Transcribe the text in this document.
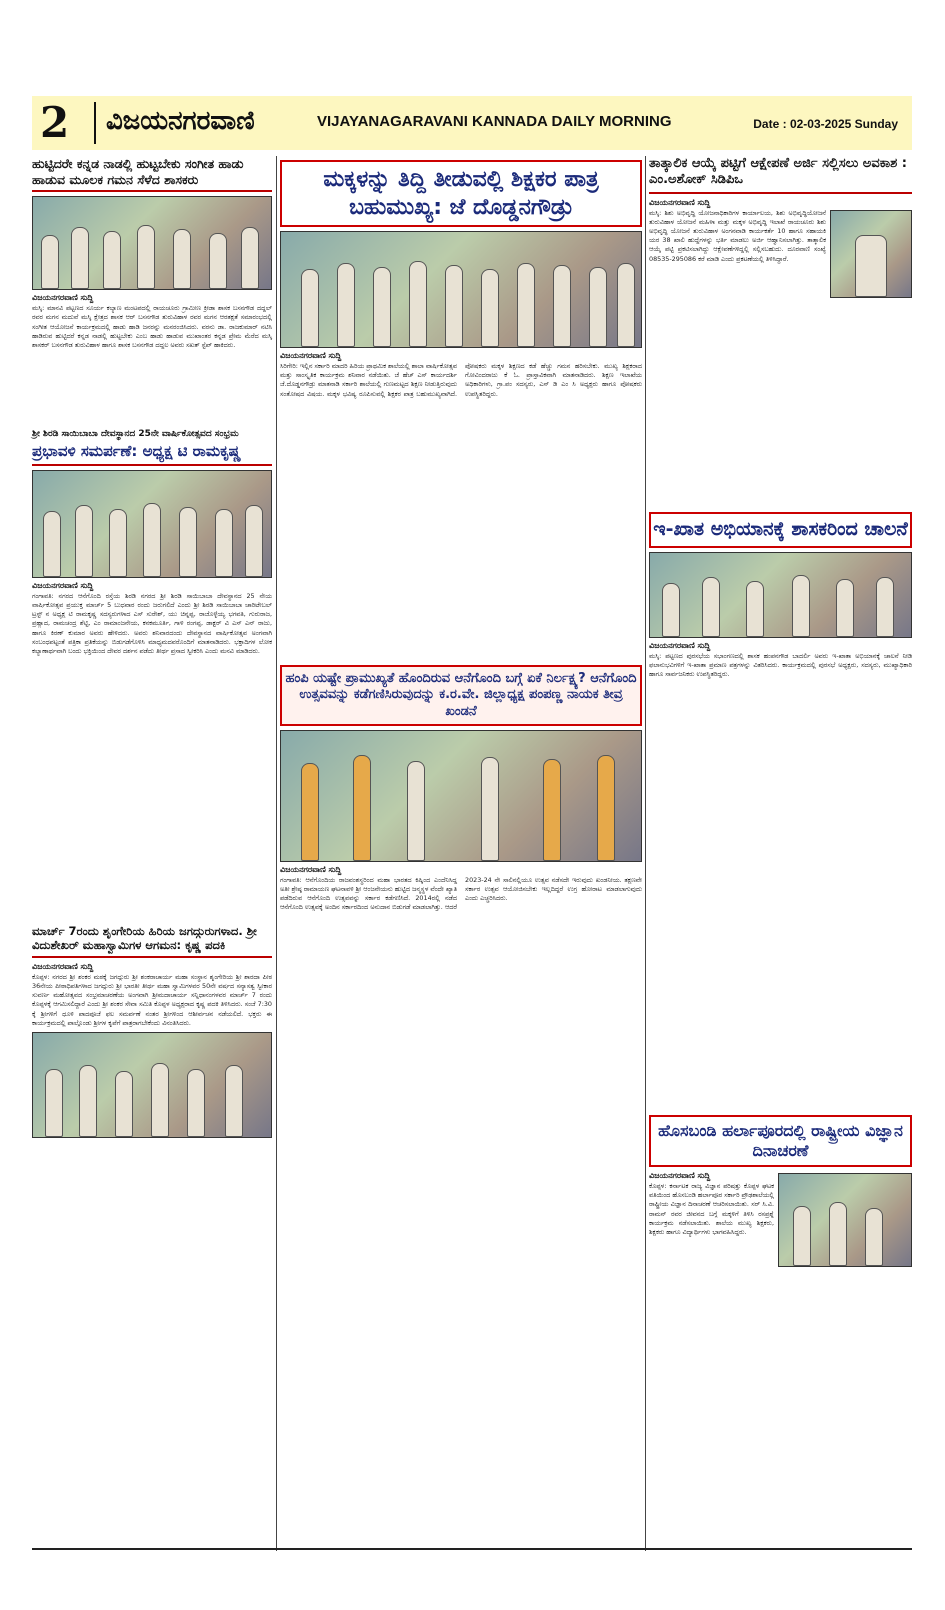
2 ವಿಜಯನಗರವಾಣಿ	VIJAYANAGARAVANI KANNADA DAILY MORNING	Date : 02-03-2025 Sunday
ಹುಟ್ಟಿದರೇ ಕನ್ನಡ ನಾಡಲ್ಲಿ ಹುಟ್ಟಬೇಕು ಸಂಗೀತ ಹಾಡು ಹಾಡುವ ಮೂಲಕ ಗಮನ ಸೆಳೆದ ಶಾಸಕರು
ವಿಜಯನಗರವಾಣಿ ಸುದ್ದಿ
ಮಸ್ಕಿ: ಮಾನವಿ ಪಟ್ಟಣದ ಸೂರ್ಯ ಕಲ್ಯಾಣ ಮಂಟಪದಲ್ಲಿ ರಾಯಚೂರು ಗ್ರಾಮೀಣ ಕ್ರೀಡಾ ಶಾಸಕ ಬಸನಗೌಡ ದದ್ದಲ್ ರವರ ಮಗನ ಮದುವೆ ಮಸ್ಕಿ ಕ್ಷೇತ್ರದ ಶಾಸಕ ಆರ್ ಬಸನಗೌಡ ತುರುವಿಹಾಳ ರವರ ಮಗನ ಆರತಕ್ಷತೆ ಸಮಾರಂಭದಲ್ಲಿ ಸಂಗೀತ ಆಯೋಜನೆ ಕಾರ್ಯಕ್ರಮದಲ್ಲಿ ಹಾಡು ಹಾಡಿ ಜನರನ್ನು ಮನರಂಜಿಸಿದರು. ವರನು ಡಾ. ರಾಜಕುಮಾರ್ ನಟಿಸಿ ಹಾಡಿರುವ ಹುಟ್ಟಿದರೆ ಕನ್ನಡ ನಾಡಲ್ಲಿ ಹುಟ್ಟಬೇಕು ಎಂಬ ಹಾಡು ಹಾಡುವ ಮುಖಾಂತರ ಕನ್ನಡ ಪ್ರೇಮ ಮೆರೆದ ಮಸ್ಕಿ ಶಾಸಕರ್ ಬಸನಗೌಡ ತುರುವಿಹಾಳ ಹಾಗೂ ಶಾಸಕ ಬಸನಗೌಡ ದದ್ದಲ ಅವರು ಸಖತ್ ಸ್ಟೆಪ್ ಹಾಕಿದರು.
ಶ್ರೀ ಶಿರಡಿ ಸಾಯಿಬಾಬಾ ದೇವಸ್ಥಾನದ 25ನೇ ವಾರ್ಷಿಕೋತ್ಸವದ ಸಂಭ್ರಮ
ಪ್ರಭಾವಳಿ ಸಮರ್ಪಣೆ: ಅಧ್ಯಕ್ಷ ಟಿ ರಾಮಕೃಷ್ಣ
ವಿಜಯನಗರವಾಣಿ ಸುದ್ದಿ
ಗಂಗಾವತಿ: ನಗರದ ಆನೆಗೊಂದಿ ರಸ್ತೆಯ ಶಿರಡಿ ನಗರದ ಶ್ರೀ ಶಿರಡಿ ಸಾಯಿಬಾಬಾ ದೇವಸ್ಥಾನದ 25 ನೇಯ ವಾರ್ಷಿಕೋತ್ಸವ ಪ್ರಯುಕ್ತ ಮಾರ್ಚ್ 5 ಬುಧವಾರ ರಂದು ಜರುಗಲಿದೆ ಎಂದು ಶ್ರೀ ಶಿರಡಿ ಸಾಯಿಬಾಬಾ ಚಾರಿಟೇಬಲ್ ಟ್ರಸ್ಟ್ ನ ಅಧ್ಯಕ್ಷ ಟಿ ರಾಮಕೃಷ್ಣ ಸದಸ್ಯರುಗಳಾದ ಎಸ್ ಸುರೇಶ್, ಯು ಚಿನ್ನಪ್ಪ, ರಾಜೊಳ್ಳೆಯ್ಯ ಭಗವತಿ, ಗುರುರಾಜ, ಪ್ರಹ್ಲಾದ, ರಾಮಚಂದ್ರ ಶೆಟ್ಟಿ, ಎಂ ರಾಮಾಂಜನೇಯ, ಕನಕಮೂರ್ತಿ, ಗಾಳಿ ರಂಗಪ್ಪ, ಡಾಕ್ಟರ್ ವಿ ಎಸ್ ಎನ್ ರಾಜು, ಹಾಗೂ ಕಿರಣ್ ಕುಮಾರ ಅವರು ಹೇಳಿದರು. ಅವರು ಶನಿವಾರದಂದು ದೇವಸ್ಥಾನದ ವಾರ್ಷಿಕೋತ್ಸವ ಅಂಗವಾಗಿ ಸಂಬಂಧಪಟ್ಟಂತೆ ಪತ್ರಿಕಾ ಪ್ರತಿಕೆಯನ್ನು ಬಿಡುಗಡೆಗೊಳಿಸಿ ಮಾಧ್ಯಮದವರೊಂದಿಗೆ ಮಾತನಾಡಿದರು. ಭಕ್ತಾದಿಗಳ ಲೋಕ ಕಲ್ಯಾಣಾರ್ಥವಾಗಿ ಬಂದು ಭಕ್ತಿಯಿಂದ ದೇವರ ದರ್ಶನ ಪಡೆದು ತೀರ್ಥ ಪ್ರಸಾದ ಸ್ವೀಕರಿಸಿ ಎಂದು ಮನವಿ ಮಾಡಿದರು.
ಮಾರ್ಚ್ 7ರಂದು ಶೃಂಗೇರಿಯ ಹಿರಿಯ ಜಗದ್ಗುರುಗಳಾದ. ಶ್ರೀ ವಿದುಶೇಖರ್ ಮಹಾಸ್ವಾಮಿಗಳ ಆಗಮನ: ಕೃಷ್ಣ ಪದಕಿ
ವಿಜಯನಗರವಾಣಿ ಸುದ್ದಿ
ಕೊಪ್ಪಳ: ನಗರದ ಶ್ರೀ ಶಂಕರ ಮಠಕ್ಕೆ ಜಗದ್ಗುರು ಶ್ರೀ ಶಂಕರಾಚಾರ್ಯ ಮಹಾ ಸಂಸ್ಥಾನ ಶೃಂಗೇರಿಯ ಶ್ರೀ ಶಾರದಾ ಪೀಠ 36ನೇಯ ಪೀಠಾಧಿಪತಿಗಳಾದ ಜಗದ್ಗುರು ಶ್ರೀ ಭಾರತೀ ತೀರ್ಥ ಮಹಾ ಸ್ವಾಮಿಗಳವರ 50ನೇ ವರ್ಷದ ಸನ್ಯಾಸತ್ವ ಸ್ವೀಕಾರ ಸುವರ್ಣ ಮಹೋತ್ಸವದ ಸಂಭ್ರಮಾಚರಣೆಯ ಅಂಗವಾಗಿ ಶ್ರೀಮದಾಚಾರ್ಯ ಸನ್ನಿಧಾನಂಗಳವರ ಮಾರ್ಚ್ 7 ರಂದು ಕೊಪ್ಪಳಕ್ಕೆ ಆಗಮಿಸಲಿದ್ದಾರೆ ಎಂದು ಶ್ರೀ ಶಂಕರ ಸೇವಾ ಸಮಿತಿ ಕೊಪ್ಪಳ ಅಧ್ಯಕ್ಷರಾದ ಕೃಷ್ಣ ಪದಕಿ ತಿಳಿಸಿದರು. ಸಂಜೆ 7:30 ಕ್ಕೆ ಶ್ರೀಗಳಿಗೆ ಧೂಳಿ ಪಾದಪೂಜೆ ಫಲ ಸಮರ್ಪಣೆ ನಂತರ ಶ್ರೀಗಳಿಂದ ಆಶೀರ್ವಚನ ನಡೆಯಲಿದೆ. ಭಕ್ತರು ಈ ಕಾರ್ಯಕ್ರಮದಲ್ಲಿ ಪಾಲ್ಗೊಂಡು ಶ್ರೀಗಳ ಕೃಪೆಗೆ ಪಾತ್ರರಾಗಬೇಕೆಂದು ವಿನಂತಿಸಿದರು.
ಮಕ್ಕಳನ್ನು ತಿದ್ದಿ ತೀಡುವಲ್ಲಿ ಶಿಕ್ಷಕರ ಪಾತ್ರ ಬಹುಮುಖ್ಯ: ಜೆ ದೊಡ್ಡನಗೌಡ್ರು
ವಿಜಯನಗರವಾಣಿ ಸುದ್ದಿ
ಸಿರಿಗೇರಿ: ಇಲ್ಲಿನ ಸರ್ಕಾರಿ ಮಾದರಿ ಹಿರಿಯ ಪ್ರಾಥಮಿಕ ಶಾಲೆಯಲ್ಲಿ ಶಾಲಾ ವಾರ್ಷಿಕೋತ್ಸವ ಮತ್ತು ಸಾಂಸ್ಕೃತಿಕ ಕಾರ್ಯಕ್ರಮ ಶನಿವಾರ ನಡೆಯಿತು. ಜೆ ಹೆಚ್ ಎಸ್ ಕಾರ್ಯದರ್ಶಿ ಜೆ.ದೊಡ್ಡನಗೌಡ್ರು ಮಾತನಾಡಿ ಸರ್ಕಾರಿ ಶಾಲೆಯಲ್ಲಿ ಗುಣಮಟ್ಟದ ಶಿಕ್ಷಣ ನೀಡುತ್ತಿರುವುದು ಸಂತೋಷದ ವಿಷಯ. ಮಕ್ಕಳ ಭವಿಷ್ಯ ರೂಪಿಸುವಲ್ಲಿ ಶಿಕ್ಷಕರ ಪಾತ್ರ ಬಹುಮುಖ್ಯವಾಗಿದೆ. ಪೋಷಕರು ಮಕ್ಕಳ ಶಿಕ್ಷಣದ ಕಡೆ ಹೆಚ್ಚು ಗಮನ ಹರಿಸಬೇಕು. ಮುಖ್ಯ ಶಿಕ್ಷಕರಾದ ಗೋವಿಂದರಾಜು ಕೆ ಓ. ಪ್ರಾಸ್ತಾವಿಕವಾಗಿ ಮಾತನಾಡಿದರು. ಶಿಕ್ಷಣ ಇಲಾಖೆಯ ಅಧಿಕಾರಿಗಳು, ಗ್ರಾ.ಪಂ ಸದಸ್ಯರು, ಎಸ್ ಡಿ ಎಂ ಸಿ ಅಧ್ಯಕ್ಷರು ಹಾಗೂ ಪೋಷಕರು ಉಪಸ್ಥಿತರಿದ್ದರು.
ಹಂಪಿ ಯಷ್ಟೇ ಪ್ರಾಮುಖ್ಯತೆ ಹೊಂದಿರುವ ಆನೆಗೊಂದಿ ಬಗ್ಗೆ ಏಕೆ ನಿರ್ಲಕ್ಷ್ಯ? ಆನೆಗೊಂದಿ ಉತ್ಸವವನ್ನು ಕಡೆಗಣಿಸಿರುವುದನ್ನು ಕ.ರ.ವೇ. ಜಿಲ್ಲಾಧ್ಯಕ್ಷ ಪಂಪಣ್ಣ ನಾಯಕ ತೀವ್ರ ಖಂಡನೆ
ವಿಜಯನಗರವಾಣಿ ಸುದ್ದಿ
ಗಂಗಾವತಿ: ಆನೆಗೊಂದಿಯ ರಾಜವಂಶಸ್ಥರಿಂದ ಮಹಾ ಭಾರತದ ಕಿಷ್ಕಿಂದ ಎಂದೆನಿಸಿದ್ದ ಅತೀ ಶ್ರೇಷ್ಠ ರಾಮಾಯಣ ಘಟನಾವಳಿ ಶ್ರೀ ಆಂಜನೇಯನು ಹುಟ್ಟಿದ ಜನ್ಮಸ್ಥಳ ವೆಂದೇ ಖ್ಯಾತಿ ಪಡೆದಿರುವ ಆನೆಗೊಂದಿ ಉತ್ಸವವನ್ನು ಸರ್ಕಾರ ಕಡೆಗಣಿಸಿದೆ. 2014ರಲ್ಲಿ ನಡೆದ ಆನೆಗೊಂದಿ ಉತ್ಸವಕ್ಕೆ ಅಂದಿನ ಸರ್ಕಾರದಿಂದ ಅನುದಾನ ಬಿಡುಗಡೆ ಮಾಡಲಾಗಿತ್ತು. ಆದರೆ 2023-24 ನೇ ಸಾಲಿನಲ್ಲಿಯೂ ಉತ್ಸವ ನಡೆಸದೇ ಇರುವುದು ಖಂಡನೀಯ. ತಕ್ಷಣವೇ ಸರ್ಕಾರ ಉತ್ಸವ ಆಯೋಜಿಸಬೇಕು ಇಲ್ಲದಿದ್ದರೆ ಉಗ್ರ ಹೋರಾಟ ಮಾಡಲಾಗುವುದು ಎಂದು ಎಚ್ಚರಿಸಿದರು.
ತಾತ್ಕಾಲಿಕ ಆಯ್ಕೆ ಪಟ್ಟಿಗೆ ಆಕ್ಷೇಪಣೆ ಅರ್ಜಿ ಸಲ್ಲಿಸಲು ಅವಕಾಶ : ಎಂ.ಅಶೋಕ್ ಸಿಡಿಪಿಒ
ವಿಜಯನಗರವಾಣಿ ಸುದ್ದಿ
ಮಸ್ಕಿ: ಶಿಶು ಅಭಿವೃದ್ಧಿ ಯೋಜನಾಧಿಕಾರಿಗಳ ಕಾರ್ಯಾಲಯ, ಶಿಶು ಅಭಿವೃದ್ಧಿಯೋಜನೆ ತುರುವಿಹಾಳ ಯೋಜನೆ ಮಹಿಳಾ ಮತ್ತು ಮಕ್ಕಳ ಅಭಿವೃದ್ಧಿ ಇಲಾಖೆ ರಾಯಚೂರು ಶಿಶು ಅಭಿವೃದ್ಧಿ ಯೋಜನೆ ತುರುವಿಹಾಳ ಅಂಗನವಾಡಿ ಕಾರ್ಯಕರ್ತೆ 10 ಹಾಗೂ ಸಹಾಯಕಿ ಯರ 38 ಖಾಲಿ ಹುದ್ದೆಗಳನ್ನು ಭರ್ತಿ ಮಾಡಲು ಅರ್ಜಿ ಆಹ್ವಾನಿಸಲಾಗಿತ್ತು. ತಾತ್ಕಾಲಿಕ ಆಯ್ಕೆ ಪಟ್ಟಿ ಪ್ರಕಟಿಸಲಾಗಿದ್ದು ಆಕ್ಷೇಪಣೆಗಳಿದ್ದಲ್ಲಿ ಸಲ್ಲಿಸಬಹುದು. ದೂರವಾಣಿ ಸಂಖ್ಯೆ 08535-295086 ಕರೆ ಮಾಡಿ ಎಂದು ಪ್ರಕಟಣೆಯಲ್ಲಿ ತಿಳಿಸಿದ್ದಾರೆ.
ಇ-ಖಾತ ಅಭಿಯಾನಕ್ಕೆ ಶಾಸಕರಿಂದ ಚಾಲನೆ
ವಿಜಯನಗರವಾಣಿ ಸುದ್ದಿ
ಮಸ್ಕಿ: ಪಟ್ಟಣದ ಪುರಸಭೆಯ ಸಭಾಂಗಣದಲ್ಲಿ ಶಾಸಕ ಹಂಪನಗೌಡ ಬಾದರ್ಲಿ ಅವರು ಇ-ಖಾತಾ ಅಭಿಯಾನಕ್ಕೆ ಚಾಲನೆ ನೀಡಿ ಫಲಾನುಭವಿಗಳಿಗೆ ಇ-ಖಾತಾ ಪ್ರಮಾಣ ಪತ್ರಗಳನ್ನು ವಿತರಿಸಿದರು. ಕಾರ್ಯಕ್ರಮದಲ್ಲಿ ಪುರಸಭೆ ಅಧ್ಯಕ್ಷರು, ಸದಸ್ಯರು, ಮುಖ್ಯಾಧಿಕಾರಿ ಹಾಗೂ ಸಾರ್ವಜನಿಕರು ಉಪಸ್ಥಿತರಿದ್ದರು.
ಹೊಸಬಂಡಿ ಹರ್ಲಾಪೂರದಲ್ಲಿ ರಾಷ್ಟ್ರೀಯ ವಿಜ್ಞಾನ ದಿನಾಚರಣೆ
ವಿಜಯನಗರವಾಣಿ ಸುದ್ದಿ
ಕೊಪ್ಪಳ: ಕರ್ನಾಟಕ ರಾಜ್ಯ ವಿಜ್ಞಾನ ಪರಿಷತ್ತು ಕೊಪ್ಪಳ ಘಟಕ ವತಿಯಿಂದ ಹೊಸಬಂಡಿ ಹರ್ಲಾಪೂರ ಸರ್ಕಾರಿ ಪ್ರೌಢಶಾಲೆಯಲ್ಲಿ ರಾಷ್ಟ್ರೀಯ ವಿಜ್ಞಾನ ದಿನಾಚರಣೆ ಆಚರಿಸಲಾಯಿತು. ಸರ್ ಸಿ.ವಿ. ರಾಮನ್ ರವರ ಜೀವನದ ಬಗ್ಗೆ ಮಕ್ಕಳಿಗೆ ತಿಳಿಸಿ ರಸಪ್ರಶ್ನೆ ಕಾರ್ಯಕ್ರಮ ನಡೆಸಲಾಯಿತು. ಶಾಲೆಯ ಮುಖ್ಯ ಶಿಕ್ಷಕರು, ಶಿಕ್ಷಕರು ಹಾಗೂ ವಿದ್ಯಾರ್ಥಿಗಳು ಭಾಗವಹಿಸಿದ್ದರು.
